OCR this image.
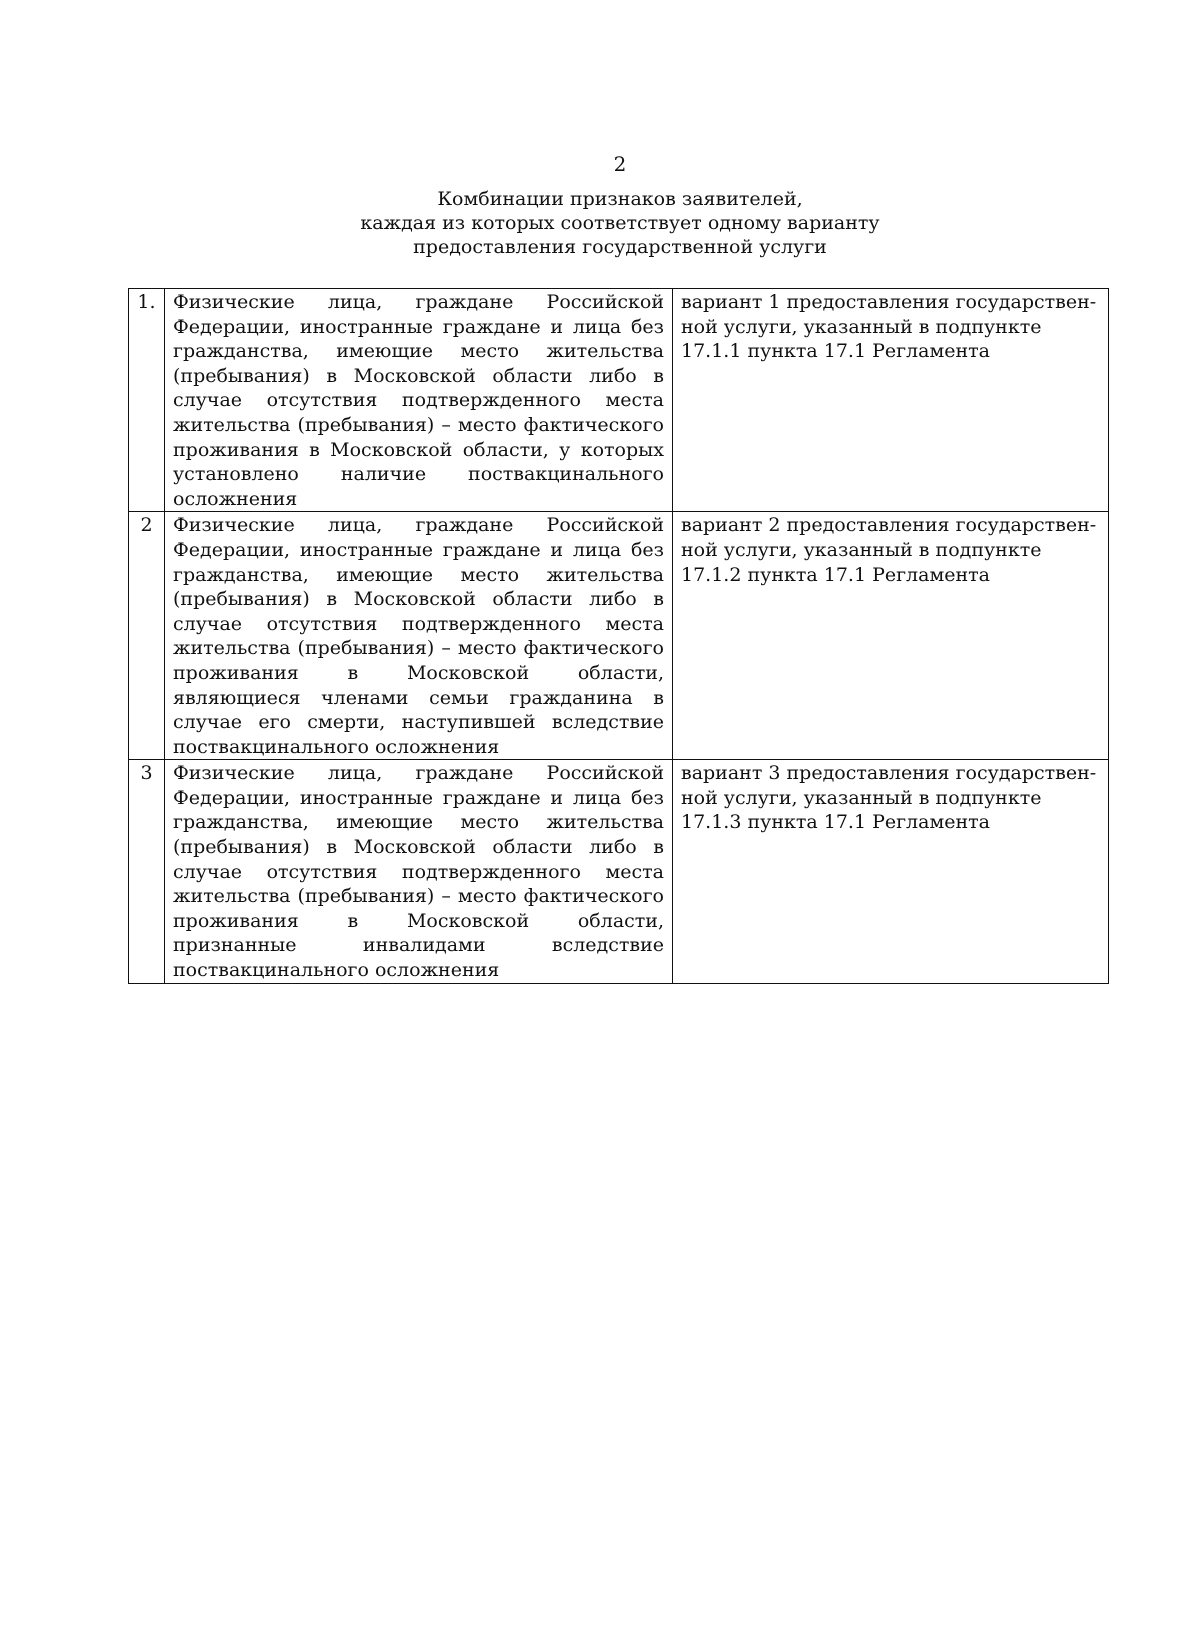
2
Комбинации признаков заявителей,
каждая из которых соответствует одному варианту
предоставления государственной услуги
1.	Физические лица, граждане Российской Федерации, иностранные граждане и лица без гражданства, имеющие место жительства (пребывания) в Московской области либо в случае отсутствия подтвержденного места жительства (пребывания) – место фактического проживания в Московской области, у которых установлено наличие поствакцинального осложнения	вариант 1 предоставления государственной услуги, указанный в подпункте 17.1.1 пункта 17.1 Регламента
2	Физические лица, граждане Российской Федерации, иностранные граждане и лица без гражданства, имеющие место жительства (пребывания) в Московской области либо в случае отсутствия подтвержденного места жительства (пребывания) – место фактического проживания в Московской области, являющиеся членами семьи гражданина в случае его смерти, наступившей вследствие поствакцинального осложнения	вариант 2 предоставления государственной услуги, указанный в подпункте 17.1.2 пункта 17.1 Регламента
3	Физические лица, граждане Российской Федерации, иностранные граждане и лица без гражданства, имеющие место жительства (пребывания) в Московской области либо в случае отсутствия подтвержденного места жительства (пребывания) – место фактического проживания в Московской области, признанные инвалидами вследствие поствакцинального осложнения	вариант 3 предоставления государственной услуги, указанный в подпункте 17.1.3 пункта 17.1 Регламента
